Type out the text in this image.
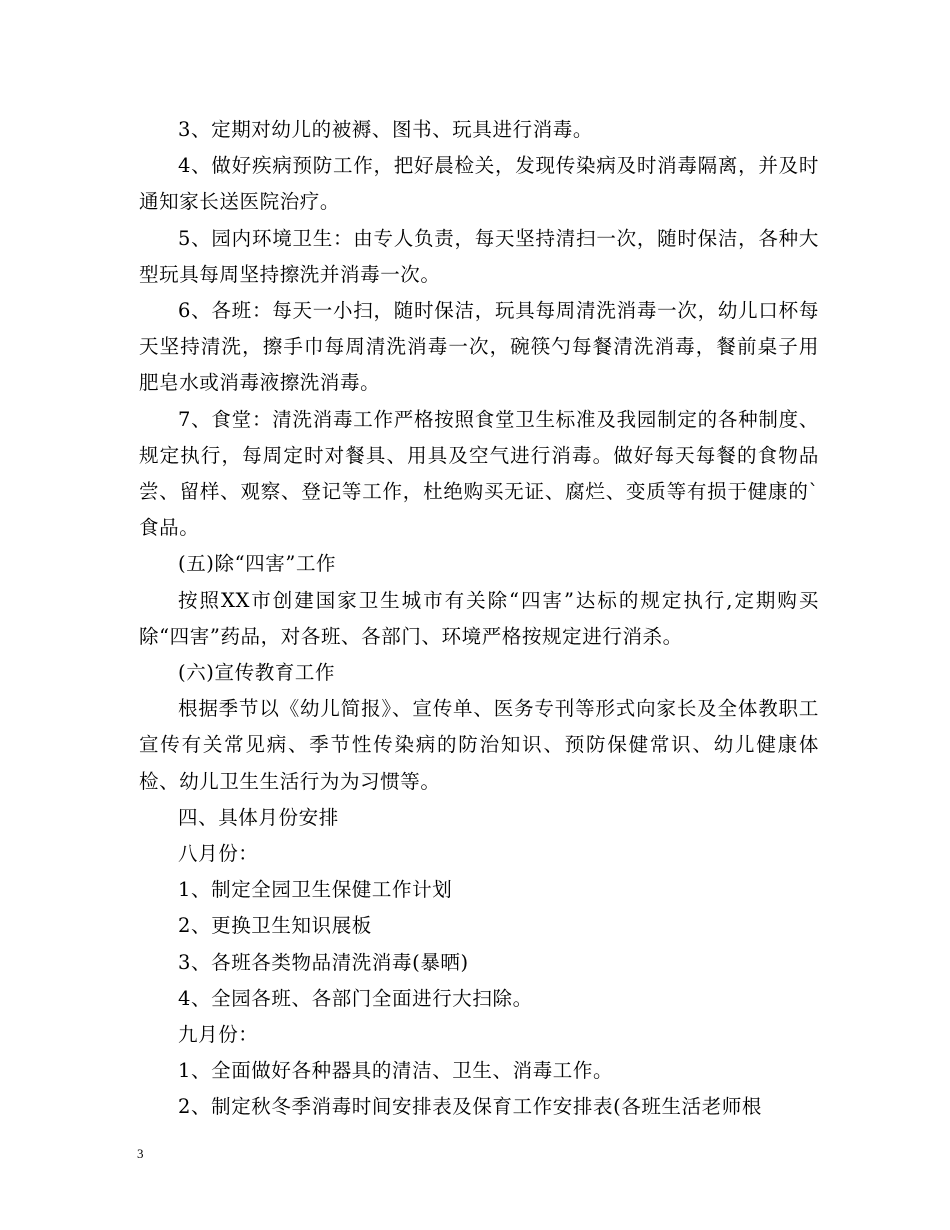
3、定期对幼儿的被褥、图书、玩具进行消毒。

4、做好疾病预防工作，把好晨检关，发现传染病及时消毒隔离，并及时通知家长送医院治疗。

5、园内环境卫生：由专人负责，每天坚持清扫一次，随时保洁，各种大型玩具每周坚持擦洗并消毒一次。

6、各班：每天一小扫，随时保洁，玩具每周清洗消毒一次，幼儿口杯每天坚持清洗，擦手巾每周清洗消毒一次，碗筷勺每餐清洗消毒，餐前桌子用肥皂水或消毒液擦洗消毒。

7、食堂：清洗消毒工作严格按照食堂卫生标准及我园制定的各种制度、规定执行，每周定时对餐具、用具及空气进行消毒。做好每天每餐的食物品尝、留样、观察、登记等工作，杜绝购买无证、腐烂、变质等有损于健康的`食品。

(五)除“四害”工作

按照XX市创建国家卫生城市有关除“四害”达标的规定执行,定期购买除“四害”药品，对各班、各部门、环境严格按规定进行消杀。

(六)宣传教育工作

根据季节以《幼儿简报》、宣传单、医务专刊等形式向家长及全体教职工宣传有关常见病、季节性传染病的防治知识、预防保健常识、幼儿健康体检、幼儿卫生生活行为为习惯等。

四、具体月份安排

八月份：

1、制定全园卫生保健工作计划

2、更换卫生知识展板

3、各班各类物品清洗消毒(暴晒)

4、全园各班、各部门全面进行大扫除。

九月份：

1、全面做好各种器具的清洁、卫生、消毒工作。

2、制定秋冬季消毒时间安排表及保育工作安排表(各班生活老师根

3
